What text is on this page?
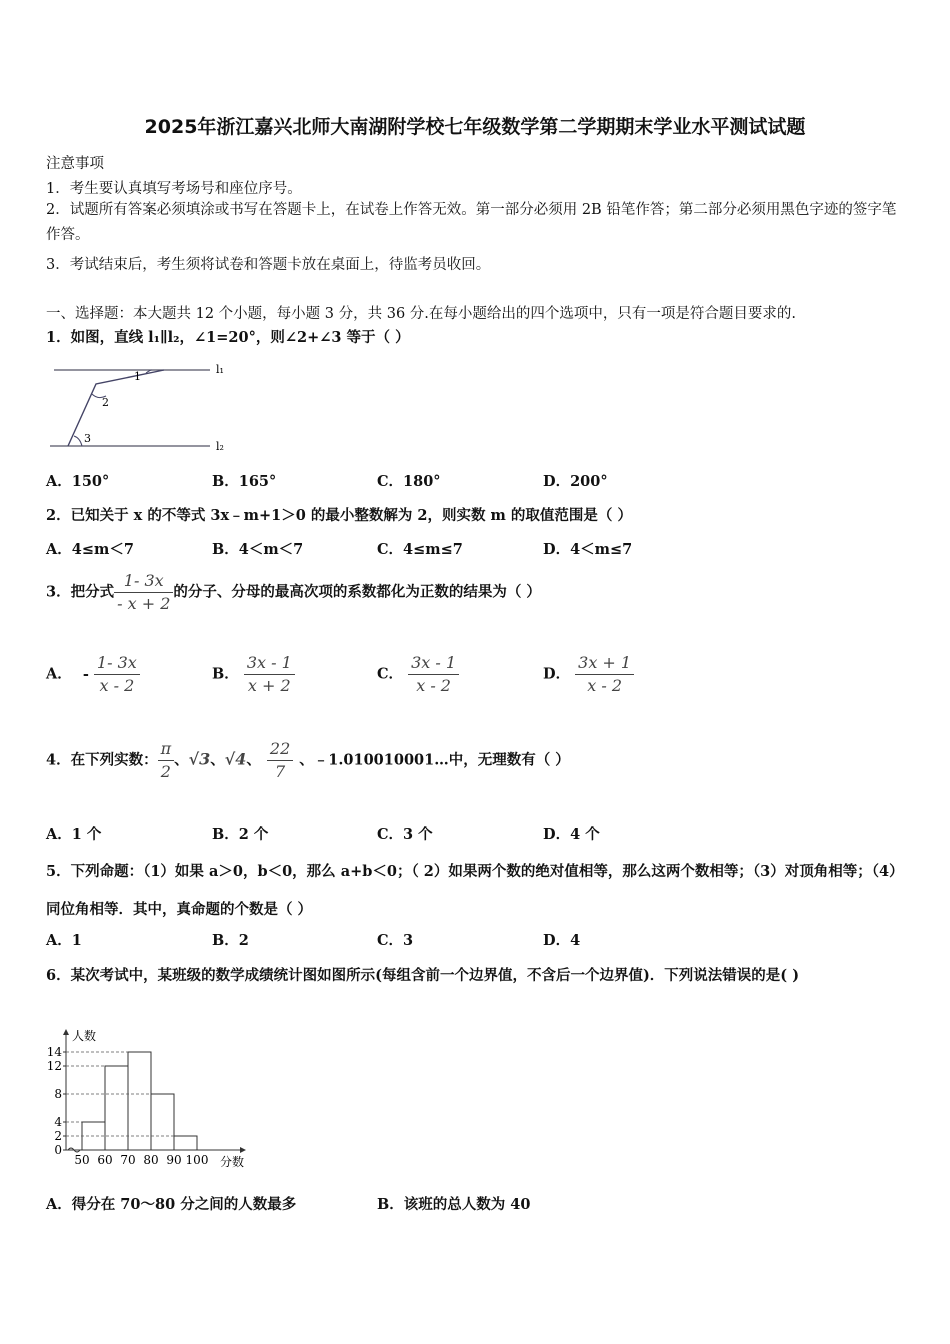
2025年浙江嘉兴北师大南湖附学校七年级数学第二学期期末学业水平测试试题
注意事项
1．考生要认真填写考场号和座位序号。
2．试题所有答案必须填涂或书写在答题卡上，在试卷上作答无效。第一部分必须用 2B 铅笔作答；第二部分必须用黑色字迹的签字笔作答。
3．考试结束后，考生须将试卷和答题卡放在桌面上，待监考员收回。
一、选择题：本大题共 12 个小题，每小题 3 分，共 36 分.在每小题给出的四个选项中，只有一项是符合题目要求的.
1．如图，直线 l₁∥l₂，∠1=20°，则∠2+∠3 等于（ ）
l₁
l₂
1
2
3
A．150°	B．165°	C．180°	D．200°
2．已知关于 x 的不等式 3x﹣m+1＞0 的最小整数解为 2，则实数 m 的取值范围是（ ）
A．4≤m＜7	B．4＜m＜7	C．4≤m≤7	D．4＜m≤7
3．把分式 $\frac{1- 3x}{- x + 2}$ 的分子、分母的最高次项的系数都化为正数的结果为（ ）
A． - $\frac{1- 3x}{x - 2}$	B． $\frac{3x - 1}{x + 2}$	C． $\frac{3x - 1}{x - 2}$	D． $\frac{3x + 1}{x - 2}$
4．在下列实数： $\frac{\pi}{2}$ 、√3、√4、 $\frac{22}{7}$ 、﹣1.010010001…中，无理数有（ ）
A．1 个	B．2 个	C．3 个	D．4 个
5．下列命题：（1）如果 a＞0，b＜0，那么 a+b＜0；（ 2）如果两个数的绝对值相等，那么这两个数相等；（3）对顶角相等；（4）同位角相等．其中，真命题的个数是（ ）
A．1	B．2	C．3	D．4
6．某次考试中，某班级的数学成绩统计图如图所示(每组含前一个边界值，不含后一个边界值)．下列说法错误的是( )
0
2
4
8
12
14
50 60 70 80 90 100
人数
分数
A．得分在 70～80 分之间的人数最多	B．该班的总人数为 40
